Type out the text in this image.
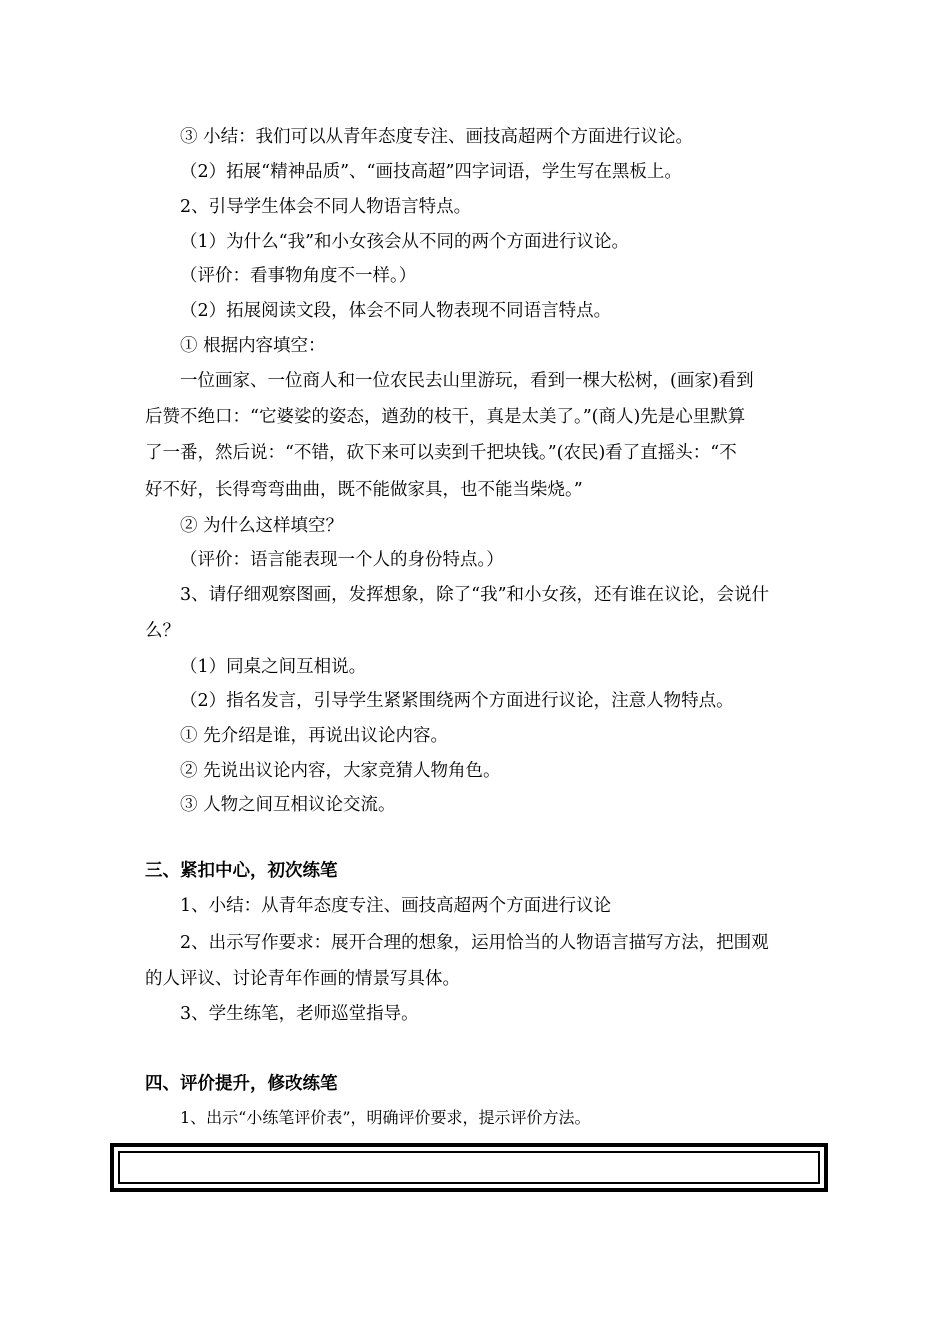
③ 小结：我们可以从青年态度专注、画技高超两个方面进行议论。
（2）拓展“精神品质”、“画技高超”四字词语，学生写在黑板上。
2、引导学生体会不同人物语言特点。
（1）为什么“我”和小女孩会从不同的两个方面进行议论。
（评价：看事物角度不一样。）
（2）拓展阅读文段，体会不同人物表现不同语言特点。
① 根据内容填空：
一位画家、一位商人和一位农民去山里游玩，看到一棵大松树，(画家)看到
后赞不绝口：“它婆娑的姿态，遒劲的枝干，真是太美了。”(商人)先是心里默算
了一番，然后说：“不错，砍下来可以卖到千把块钱。”(农民)看了直摇头：“不
好不好，长得弯弯曲曲，既不能做家具，也不能当柴烧。”
② 为什么这样填空？
（评价：语言能表现一个人的身份特点。）
3、请仔细观察图画，发挥想象，除了“我”和小女孩，还有谁在议论，会说什
么？
（1）同桌之间互相说。
（2）指名发言，引导学生紧紧围绕两个方面进行议论，注意人物特点。
① 先介绍是谁，再说出议论内容。
② 先说出议论内容，大家竞猜人物角色。
③ 人物之间互相议论交流。
三、紧扣中心，初次练笔
1、小结：从青年态度专注、画技高超两个方面进行议论
2、出示写作要求：展开合理的想象，运用恰当的人物语言描写方法，把围观
的人评议、讨论青年作画的情景写具体。
3、学生练笔，老师巡堂指导。
四、评价提升，修改练笔
1、出示“小练笔评价表”，明确评价要求，提示评价方法。
